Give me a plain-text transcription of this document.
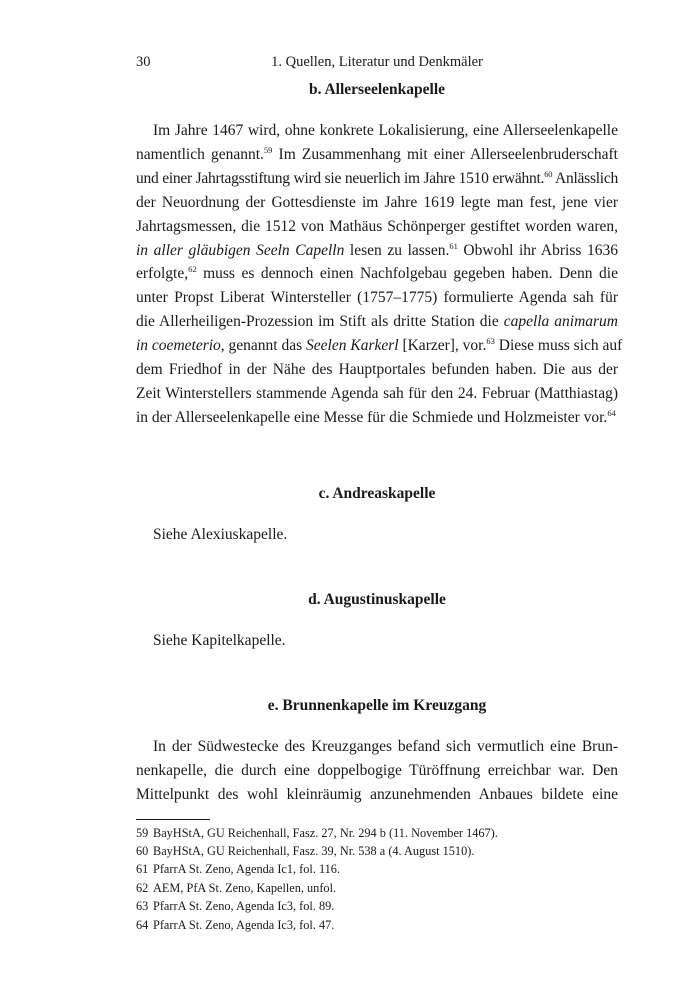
30	1. Quellen, Literatur und Denkmäler
b. Allerseelenkapelle
Im Jahre 1467 wird, ohne konkrete Lokalisierung, eine Allerseelenkapelle
namentlich genannt.$^{59}$ Im Zusammenhang mit einer Allerseelenbruderschaft
und einer Jahrtagsstiftung wird sie neuerlich im Jahre 1510 erwähnt.$^{60}$ Anlässlich
der Neuordnung der Gottesdienste im Jahre 1619 legte man fest, jene vier
Jahrtagsmessen, die 1512 von Mathäus Schönperger gestiftet worden waren,
in aller gläubigen Seeln Capelln lesen zu lassen.$^{61}$ Obwohl ihr Abriss 1636
erfolgte,$^{62}$ muss es dennoch einen Nachfolgebau gegeben haben. Denn die
unter Propst Liberat Wintersteller (1757–1775) formulierte Agenda sah für
die Allerheiligen-Prozession im Stift als dritte Station die capella animarum
in coemeterio, genannt das Seelen Karkerl [Karzer], vor.$^{63}$ Diese muss sich auf
dem Friedhof in der Nähe des Hauptportales befunden haben. Die aus der
Zeit Winterstellers stammende Agenda sah für den 24. Februar (Matthiastag)
in der Allerseelenkapelle eine Messe für die Schmiede und Holzmeister vor.$^{64}$
c. Andreaskapelle

Siehe Alexiuskapelle.

d. Augustinuskapelle

Siehe Kapitelkapelle.

e. Brunnenkapelle im Kreuzgang
In der Südwestecke des Kreuzganges befand sich vermutlich eine Brun-
nenkapelle, die durch eine doppelbogige Türöffnung erreichbar war. Den
Mittelpunkt des wohl kleinräumig anzunehmenden Anbaues bildete eine
59 BayHStA, GU Reichenhall, Fasz. 27, Nr. 294 b (11. November 1467).
60 BayHStA, GU Reichenhall, Fasz. 39, Nr. 538 a (4. August 1510).
61 PfarrA St. Zeno, Agenda Ic1, fol. 116.
62 AEM, PfA St. Zeno, Kapellen, unfol.
63 PfarrA St. Zeno, Agenda Ic3, fol. 89.
64 PfarrA St. Zeno, Agenda Ic3, fol. 47.
